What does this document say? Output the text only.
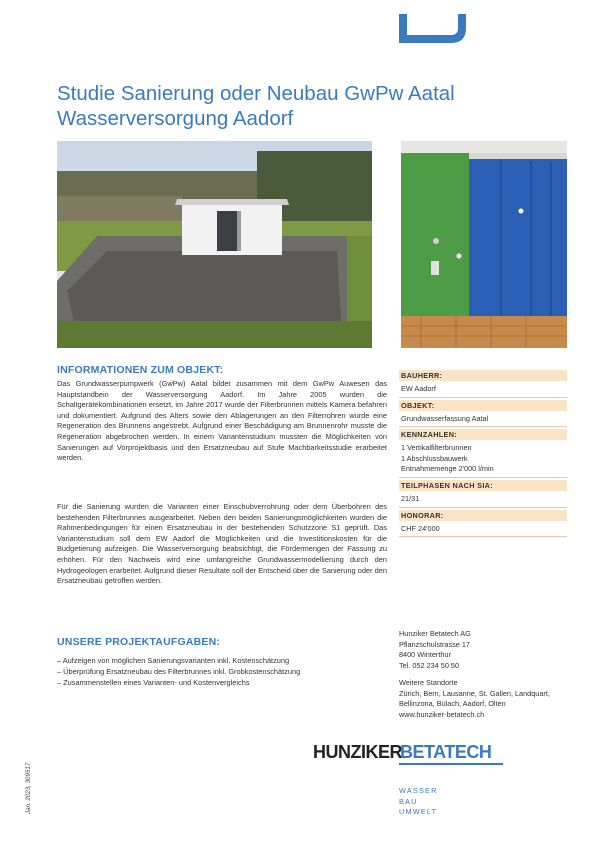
Studie Sanierung oder Neubau GwPw Aatal
Wasserversorgung Aadorf
INFORMATIONEN ZUM OBJEKT:

Das Grundwasserpumpwerk (GwPw) Aatal bildet zusammen mit dem GwPw Auwesen das Hauptstandbein der Wasserversorgung Aadorf. Im Jahre 2005 wurden die Schaltgerätekombinationen ersetzt, im Jahre 2017 wurde der Filterbrunnen mittels Kamera befahren und dokumentiert. Aufgrund des Alters sowie den Ablagerungen an den Filterrohren wurde eine Regeneration des Brunnens angestrebt. Aufgrund einer Beschädigung am Brunnenrohr musste die Regeneration abgebrochen werden. In einem Variantenstudium mussten die Möglichkeiten von Sanierungen auf Vorprojektbasis und den Ersatzneubau auf Stufe Machbarkeitsstudie erarbeitet werden.

Für die Sanierung wurden die Varianten einer Einschubverrohrung oder dem Überbohren des bestehenden Filterbrunnes ausgearbeitet. Neben den beiden Sanierungsmöglichkeiten wurden die Rahmenbedingungen für einen Ersatzneubau in der bestehenden Schutzzone S1 geprüft. Das Variantenstudium soll dem EW Aadorf die Möglichkeiten und die Investitionskosten für die Budgetierung aufzeigen. Die Wasserversorgung beabsichtigt, die Fördermengen der Fassung zu erhöhen. Für den Nachweis wird eine umfangreiche Grundwassermodellierung durch den Hydrogeologen erarbeitet. Aufgrund dieser Resultate soll der Entscheid über die Sanierung oder den Ersatzneubau getroffen werden.

UNSERE PROJEKTAUFGABEN:
– Aufzeigen von möglichen Sanierungsvarianten inkl. Kostenschätzung
– Überprüfung Ersatzneubau des Filterbrunnes inkl. Grobkostenschätzung
– Zusammenstellen eines Varianten- und Kostenvergleichs
BAUHERR:
EW Aadorf
OBJEKT:
Grundwasserfassung Aatal
KENNZAHLEN:
1 Vertikalfilterbrunnen
1 Abschlussbauwerk
Entnahmemenge 2'000 l/min
TEILPHASEN NACH SIA:
21/31
HONORAR:
CHF 24'000
Hunziker Betatech AG
Pflanzschulstrasse 17
8400 Winterthur
Tel. 052 234 50 50
Weitere Standorte
Zürich, Bern, Lausanne, St. Gallen, Landquart,
Bellinzona, Bülach, Aadorf, Olten
www.hunziker-betatech.ch
HUNZIKER
BETATECH
WASSER
BAU
UMWELT
Jan. 2023, 309517
